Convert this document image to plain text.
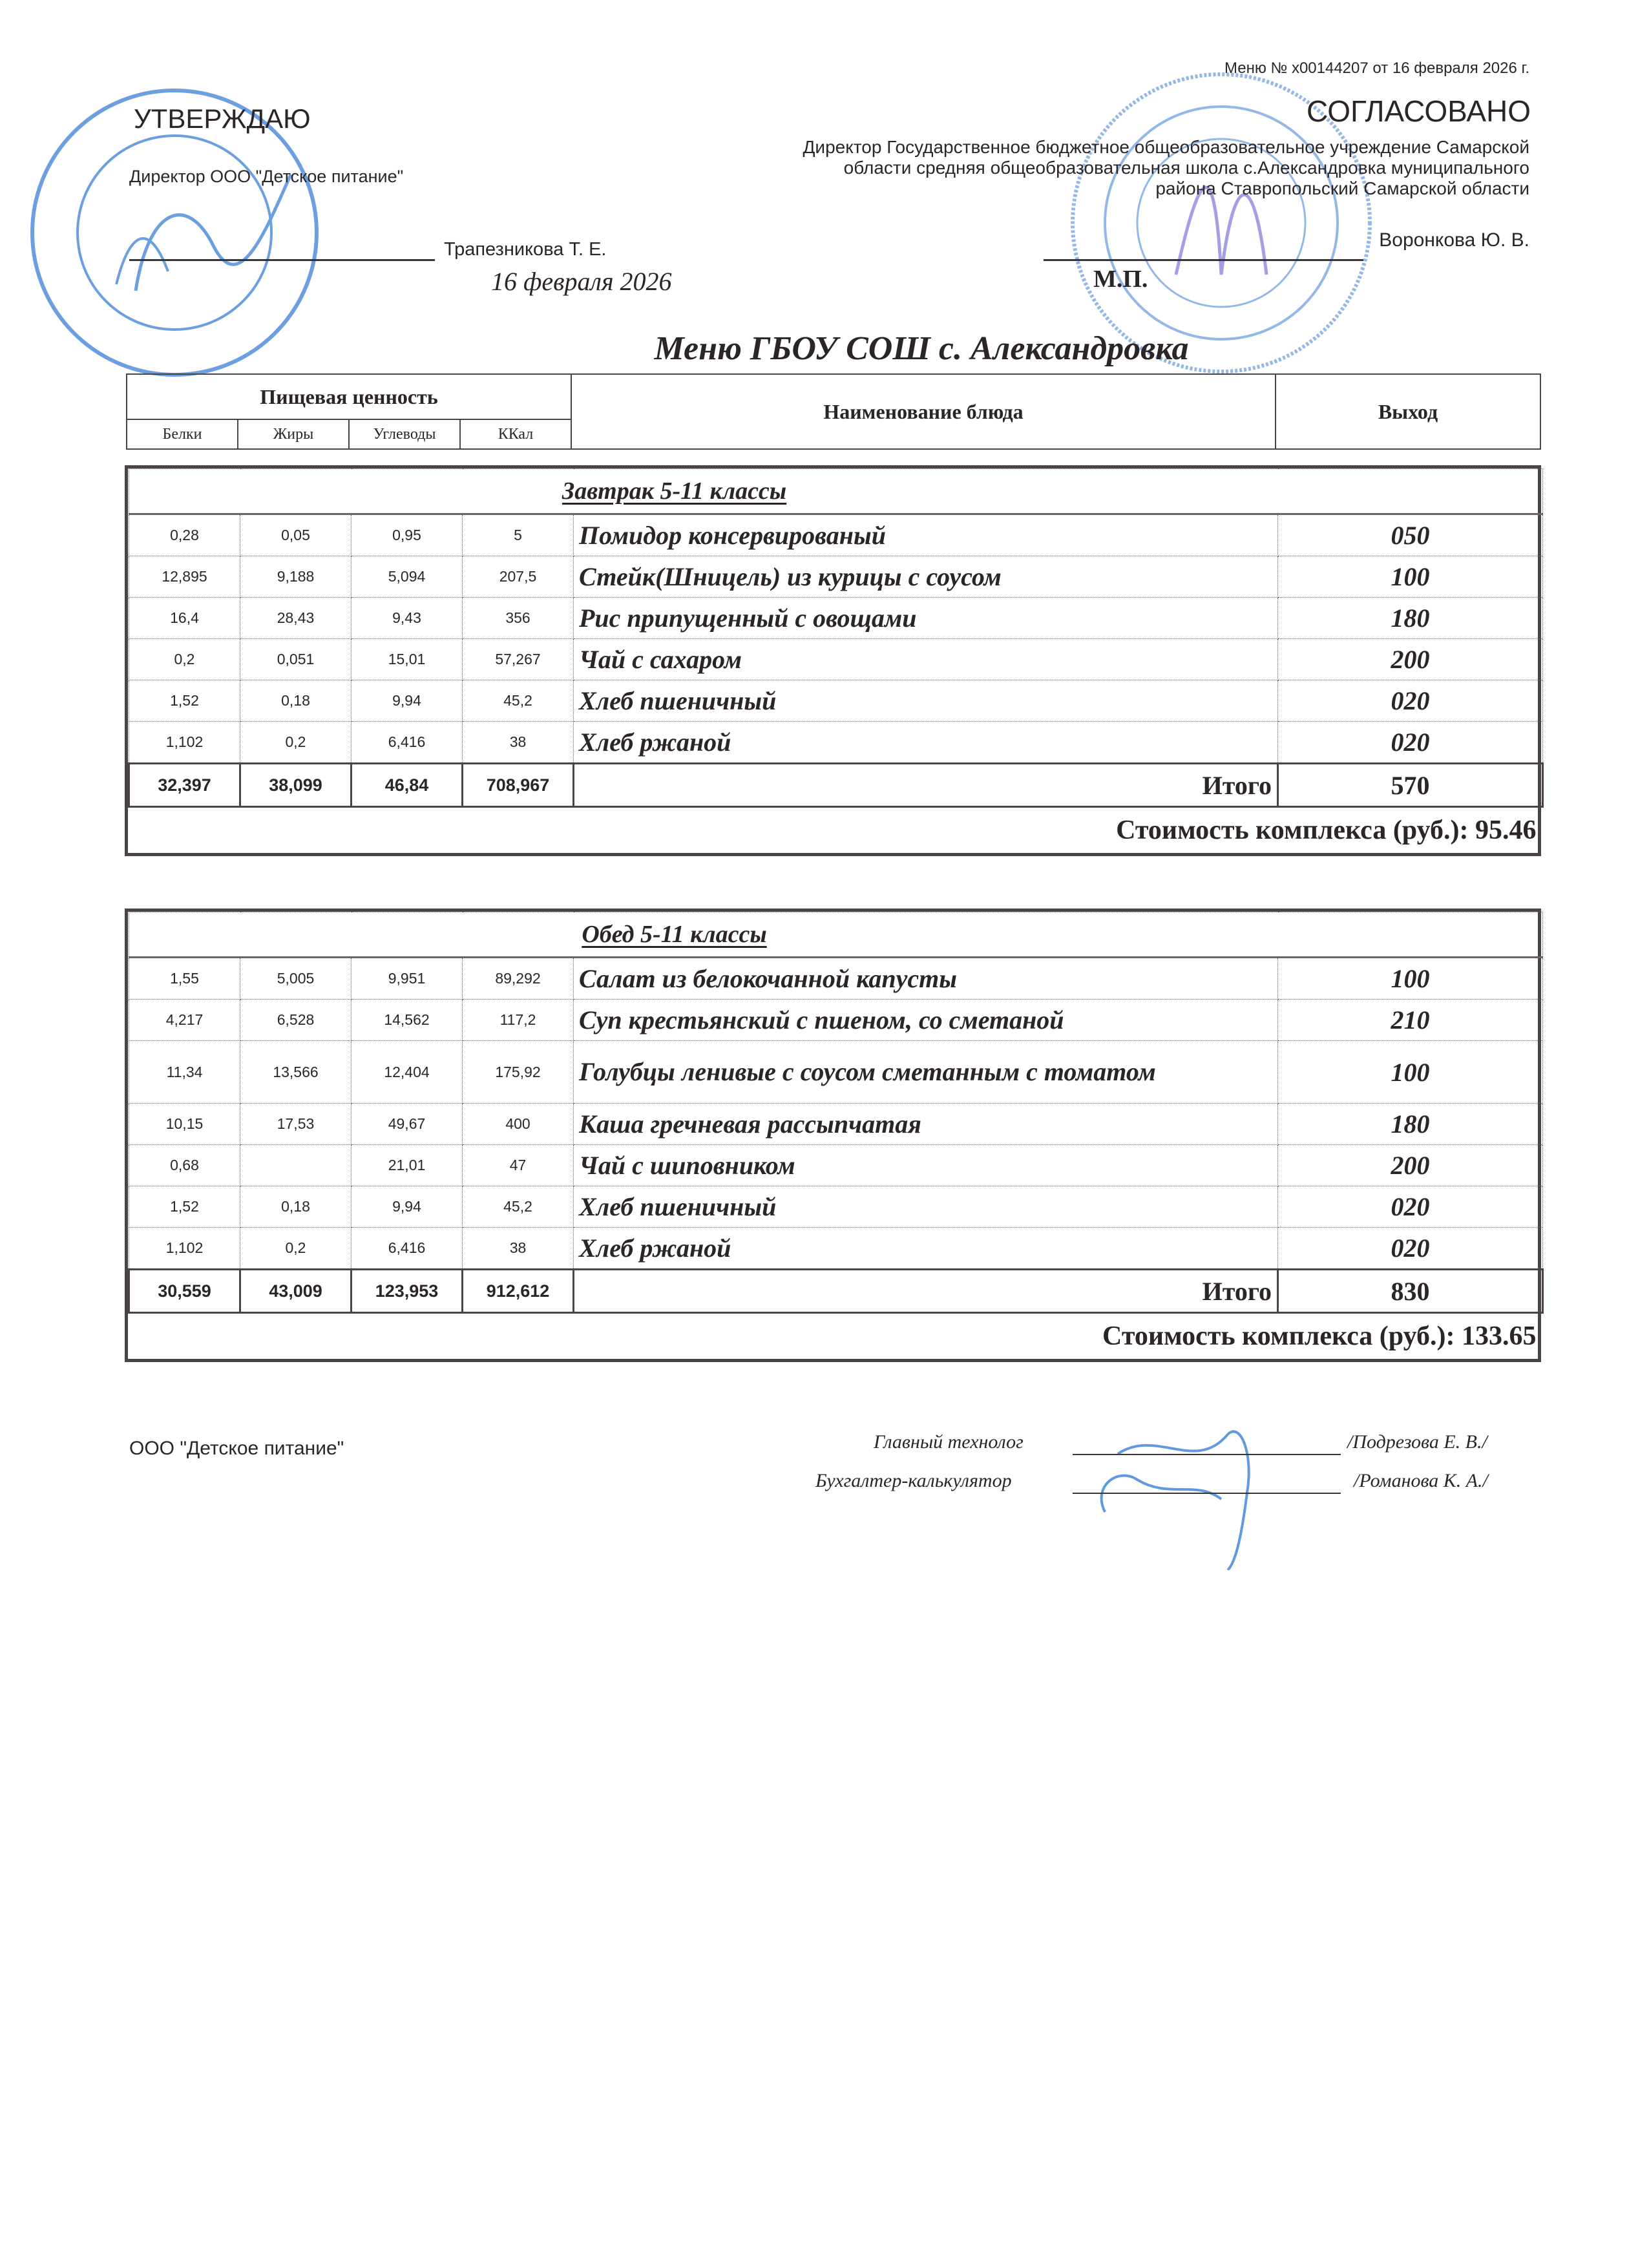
Меню № х00144207 от 16 февраля 2026 г.
УТВЕРЖДАЮ
Директор ООО "Детское питание"
Трапезникова Т. Е.
16 февраля 2026
СОГЛАСОВАНО
Директор Государственное бюджетное общеобразовательное учреждение Самарской
области средняя общеобразовательная школа с.Александровка муниципального
района Ставропольский Самарской области
Воронкова Ю. В.
М.П.
Меню ГБОУ СОШ с. Александровка
Пищевая ценность				Наименование блюда	Выход
Белки	Жиры	Углеводы	ККал		
Завтрак 5-11 классы					
0,28	0,05	0,95	5	Помидор консервированый	050
12,895	9,188	5,094	207,5	Стейк(Шницель) из курицы с соусом	100
16,4	28,43	9,43	356	Рис припущенный с овощами	180
0,2	0,051	15,01	57,267	Чай с сахаром	200
1,52	0,18	9,94	45,2	Хлеб пшеничный	020
1,102	0,2	6,416	38	Хлеб ржаной	020
32,397	38,099	46,84	708,967	Итого	570
Стоимость комплекса (руб.): 95.46					
Обед 5-11 классы					
1,55	5,005	9,951	89,292	Салат из белокочанной капусты	100
4,217	6,528	14,562	117,2	Суп крестьянский с пшеном, со сметаной	210
11,34	13,566	12,404	175,92	Голубцы ленивые с соусом сметанным с томатом	100
10,15	17,53	49,67	400	Каша гречневая рассыпчатая	180
0,68		21,01	47	Чай с шиповником	200
1,52	0,18	9,94	45,2	Хлеб пшеничный	020
1,102	0,2	6,416	38	Хлеб ржаной	020
30,559	43,009	123,953	912,612	Итого	830
Стоимость комплекса (руб.): 133.65					
ООО "Детское питание"	Главный технолог	/Подрезова Е. В./
Бухгалтер-калькулятор	/Романова К. А./
